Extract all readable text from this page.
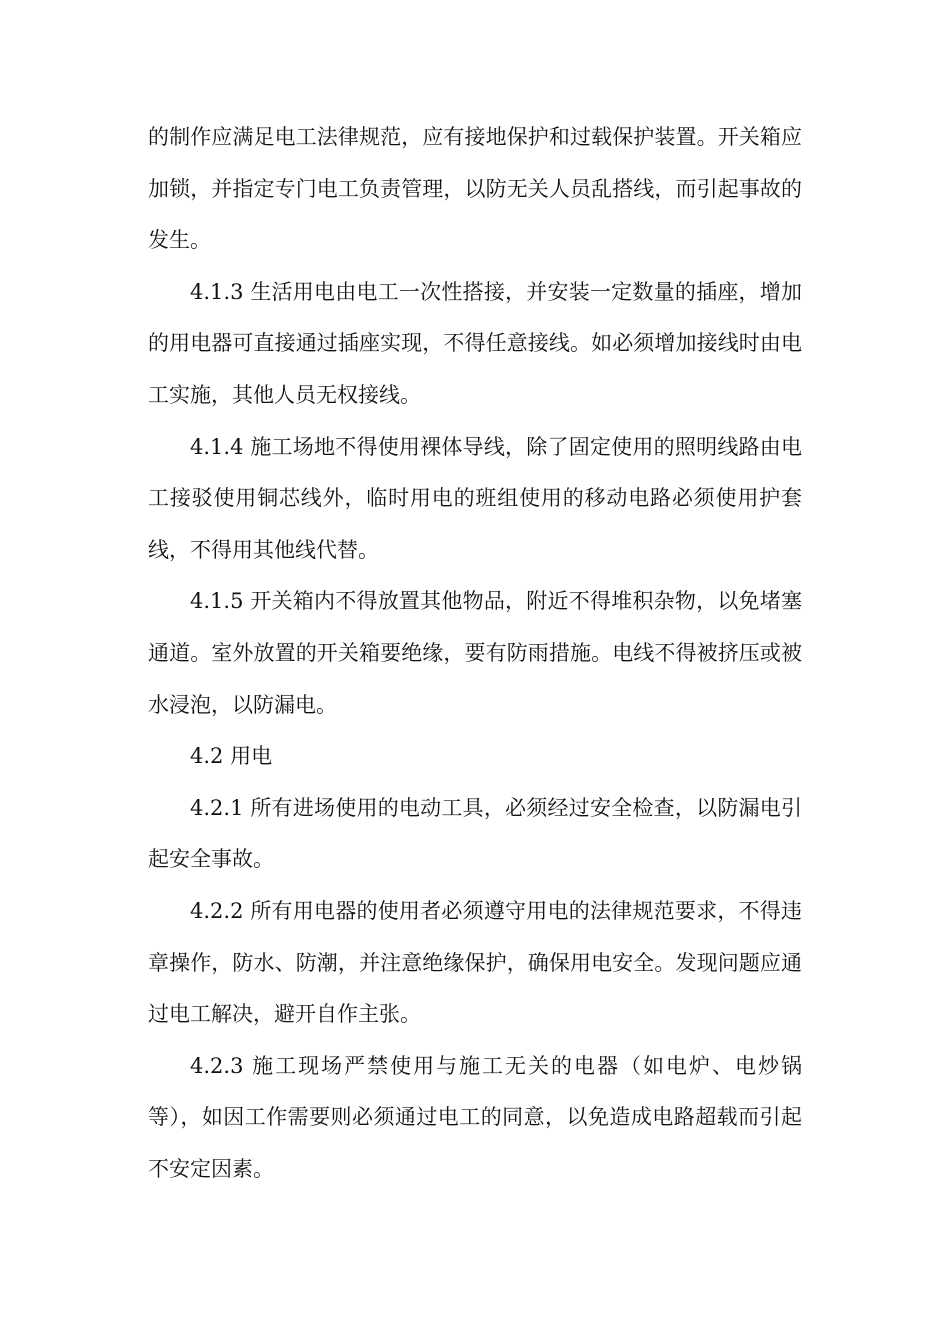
的制作应满足电工法律规范，应有接地保护和过载保护装置。开关箱应加锁，并指定专门电工负责管理，以防无关人员乱搭线，而引起事故的发生。

4.1.3 生活用电由电工一次性搭接，并安装一定数量的插座，增加的用电器可直接通过插座实现，不得任意接线。如必须增加接线时由电工实施，其他人员无权接线。

4.1.4 施工场地不得使用裸体导线，除了固定使用的照明线路由电工接驳使用铜芯线外，临时用电的班组使用的移动电路必须使用护套线，不得用其他线代替。

4.1.5 开关箱内不得放置其他物品，附近不得堆积杂物，以免堵塞通道。室外放置的开关箱要绝缘，要有防雨措施。电线不得被挤压或被水浸泡，以防漏电。

4.2 用电

4.2.1 所有进场使用的电动工具，必须经过安全检查，以防漏电引起安全事故。

4.2.2 所有用电器的使用者必须遵守用电的法律规范要求，不得违章操作，防水、防潮，并注意绝缘保护，确保用电安全。发现问题应通过电工解决，避开自作主张。

4.2.3 施工现场严禁使用与施工无关的电器（如电炉、电炒锅等），如因工作需要则必须通过电工的同意，以免造成电路超载而引起不安定因素。
